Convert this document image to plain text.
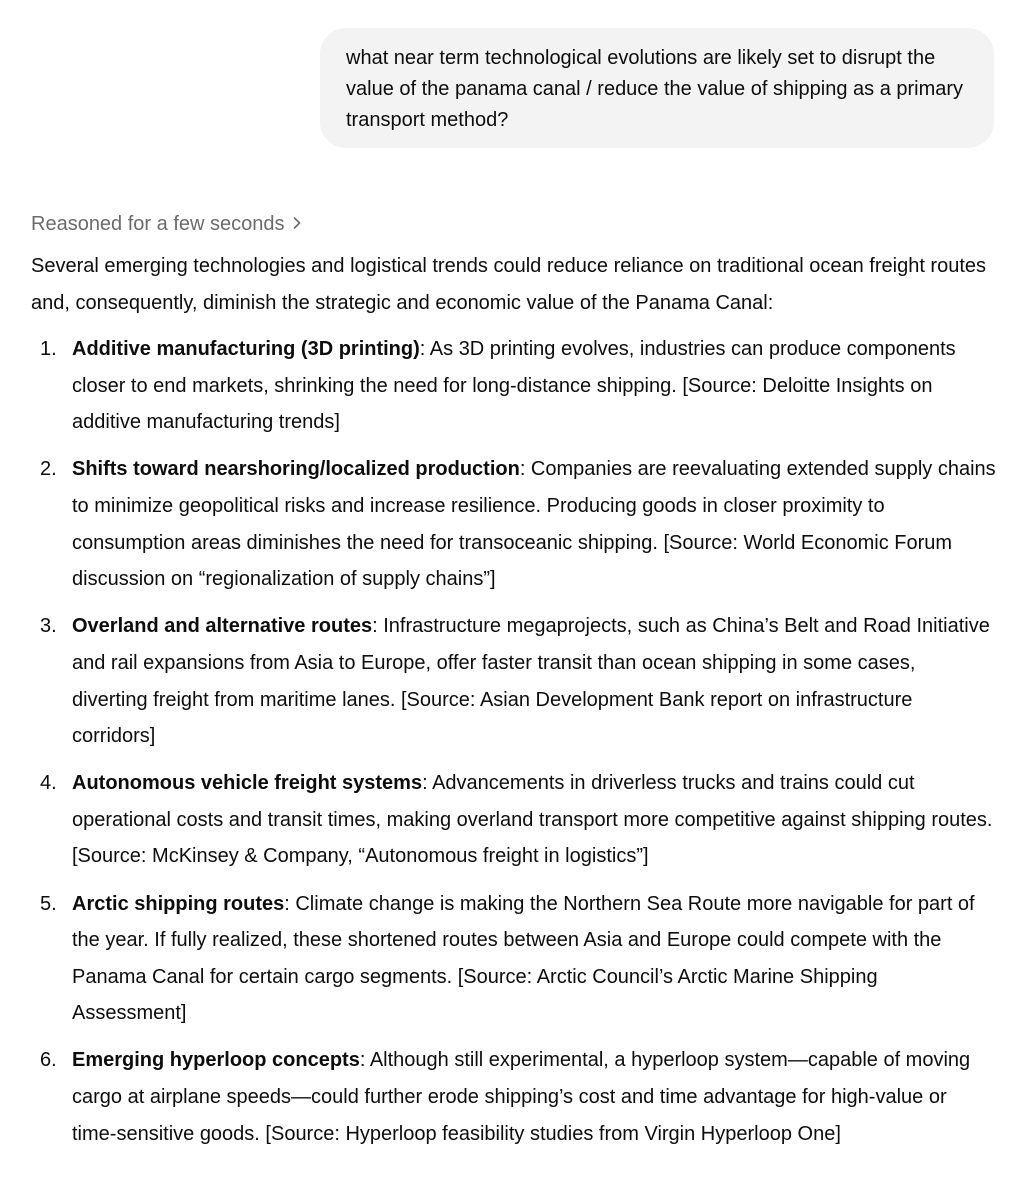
what near term technological evolutions are likely set to disrupt the value of the panama canal / reduce the value of shipping as a primary transport method?
Reasoned for a few seconds

Several emerging technologies and logistical trends could reduce reliance on traditional ocean freight routes and, consequently, diminish the strategic and economic value of the Panama Canal:

1. Additive manufacturing (3D printing): As 3D printing evolves, industries can produce components closer to end markets, shrinking the need for long-distance shipping. [Source: Deloitte Insights on additive manufacturing trends]
2. Shifts toward nearshoring/localized production: Companies are reevaluating extended supply chains to minimize geopolitical risks and increase resilience. Producing goods in closer proximity to consumption areas diminishes the need for transoceanic shipping. [Source: World Economic Forum discussion on “regionalization of supply chains”]
3. Overland and alternative routes: Infrastructure megaprojects, such as China’s Belt and Road Initiative and rail expansions from Asia to Europe, offer faster transit than ocean shipping in some cases, diverting freight from maritime lanes. [Source: Asian Development Bank report on infrastructure corridors]
4. Autonomous vehicle freight systems: Advancements in driverless trucks and trains could cut operational costs and transit times, making overland transport more competitive against shipping routes. [Source: McKinsey & Company, “Autonomous freight in logistics”]
5. Arctic shipping routes: Climate change is making the Northern Sea Route more navigable for part of the year. If fully realized, these shortened routes between Asia and Europe could compete with the Panama Canal for certain cargo segments. [Source: Arctic Council’s Arctic Marine Shipping Assessment]
6. Emerging hyperloop concepts: Although still experimental, a hyperloop system—capable of moving cargo at airplane speeds—could further erode shipping’s cost and time advantage for high-value or time-sensitive goods. [Source: Hyperloop feasibility studies from Virgin Hyperloop One]
